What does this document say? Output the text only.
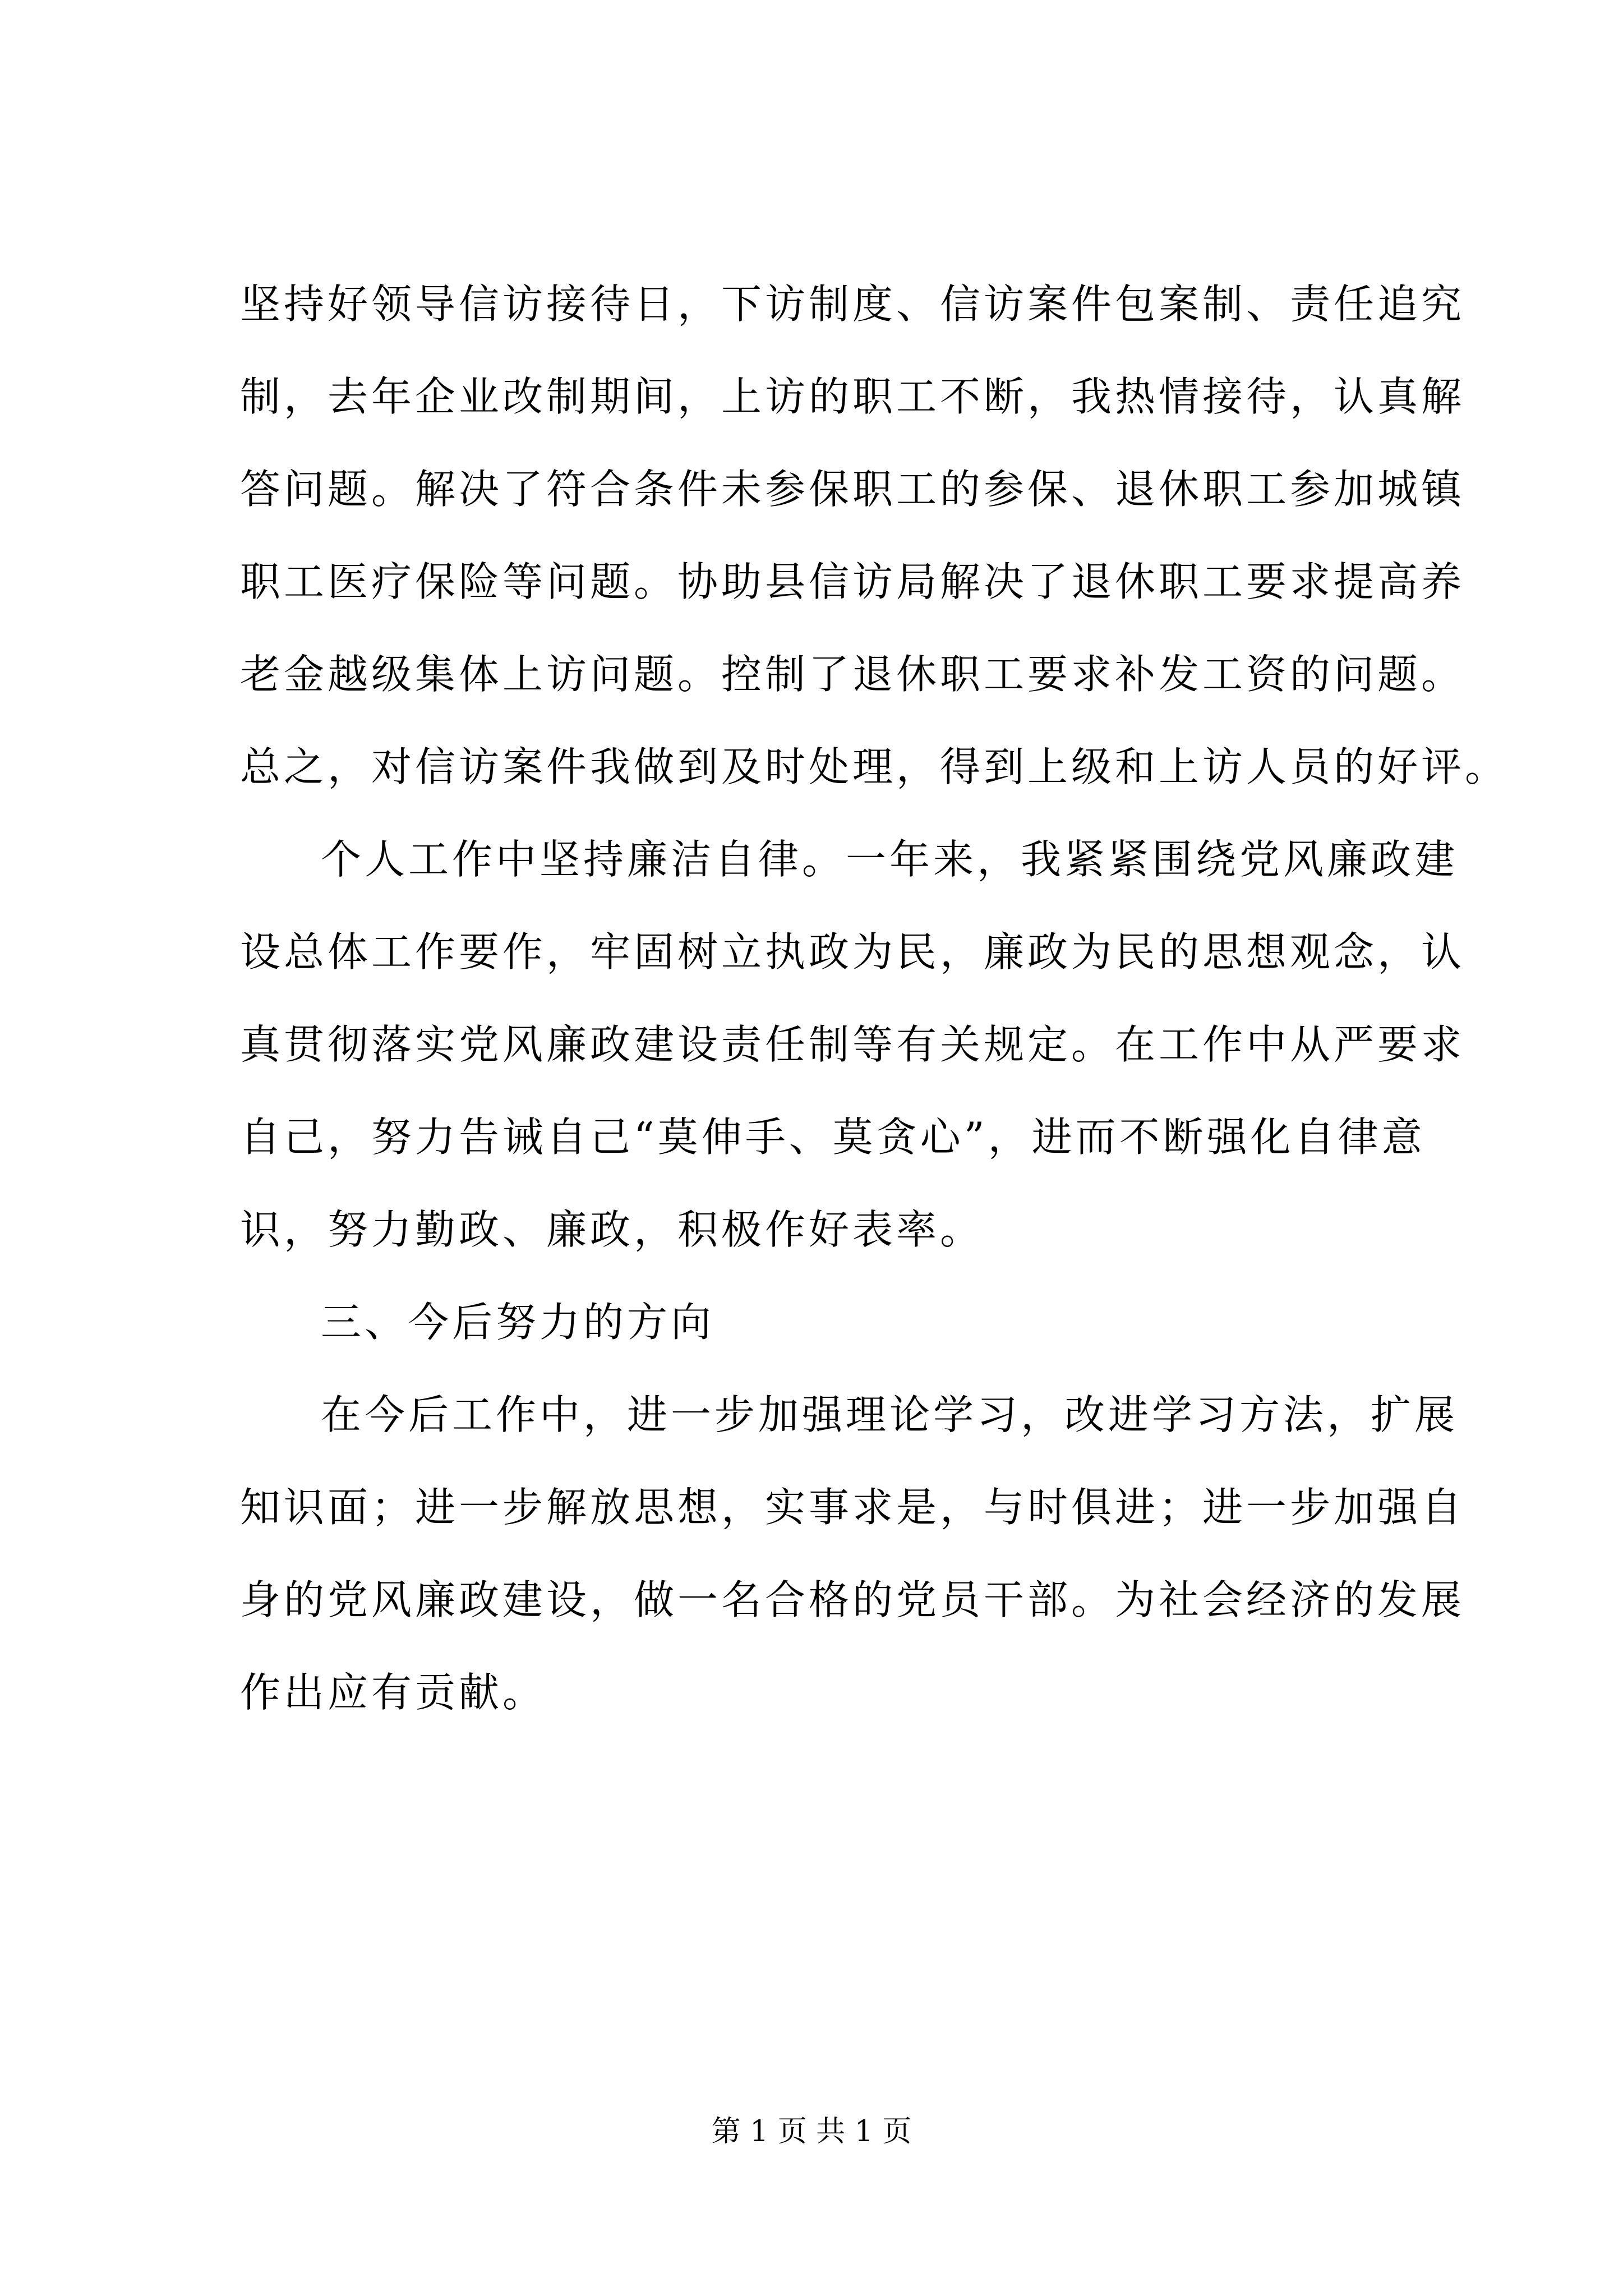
坚持好领导信访接待日，下访制度、信访案件包案制、责任追究
制，去年企业改制期间，上访的职工不断，我热情接待，认真解
答问题。解决了符合条件未参保职工的参保、退休职工参加城镇
职工医疗保险等问题。协助县信访局解决了退休职工要求提高养
老金越级集体上访问题。控制了退休职工要求补发工资的问题。
总之，对信访案件我做到及时处理，得到上级和上访人员的好评。
个人工作中坚持廉洁自律。一年来，我紧紧围绕党风廉政建
设总体工作要作，牢固树立执政为民，廉政为民的思想观念，认
真贯彻落实党风廉政建设责任制等有关规定。在工作中从严要求
自己，努力告诫自己“莫伸手、莫贪心”，进而不断强化自律意
识，努力勤政、廉政，积极作好表率。
三、今后努力的方向
在今后工作中，进一步加强理论学习，改进学习方法，扩展
知识面；进一步解放思想，实事求是，与时俱进；进一步加强自
身的党风廉政建设，做一名合格的党员干部。为社会经济的发展
作出应有贡献。
第 1 页 共 1 页
